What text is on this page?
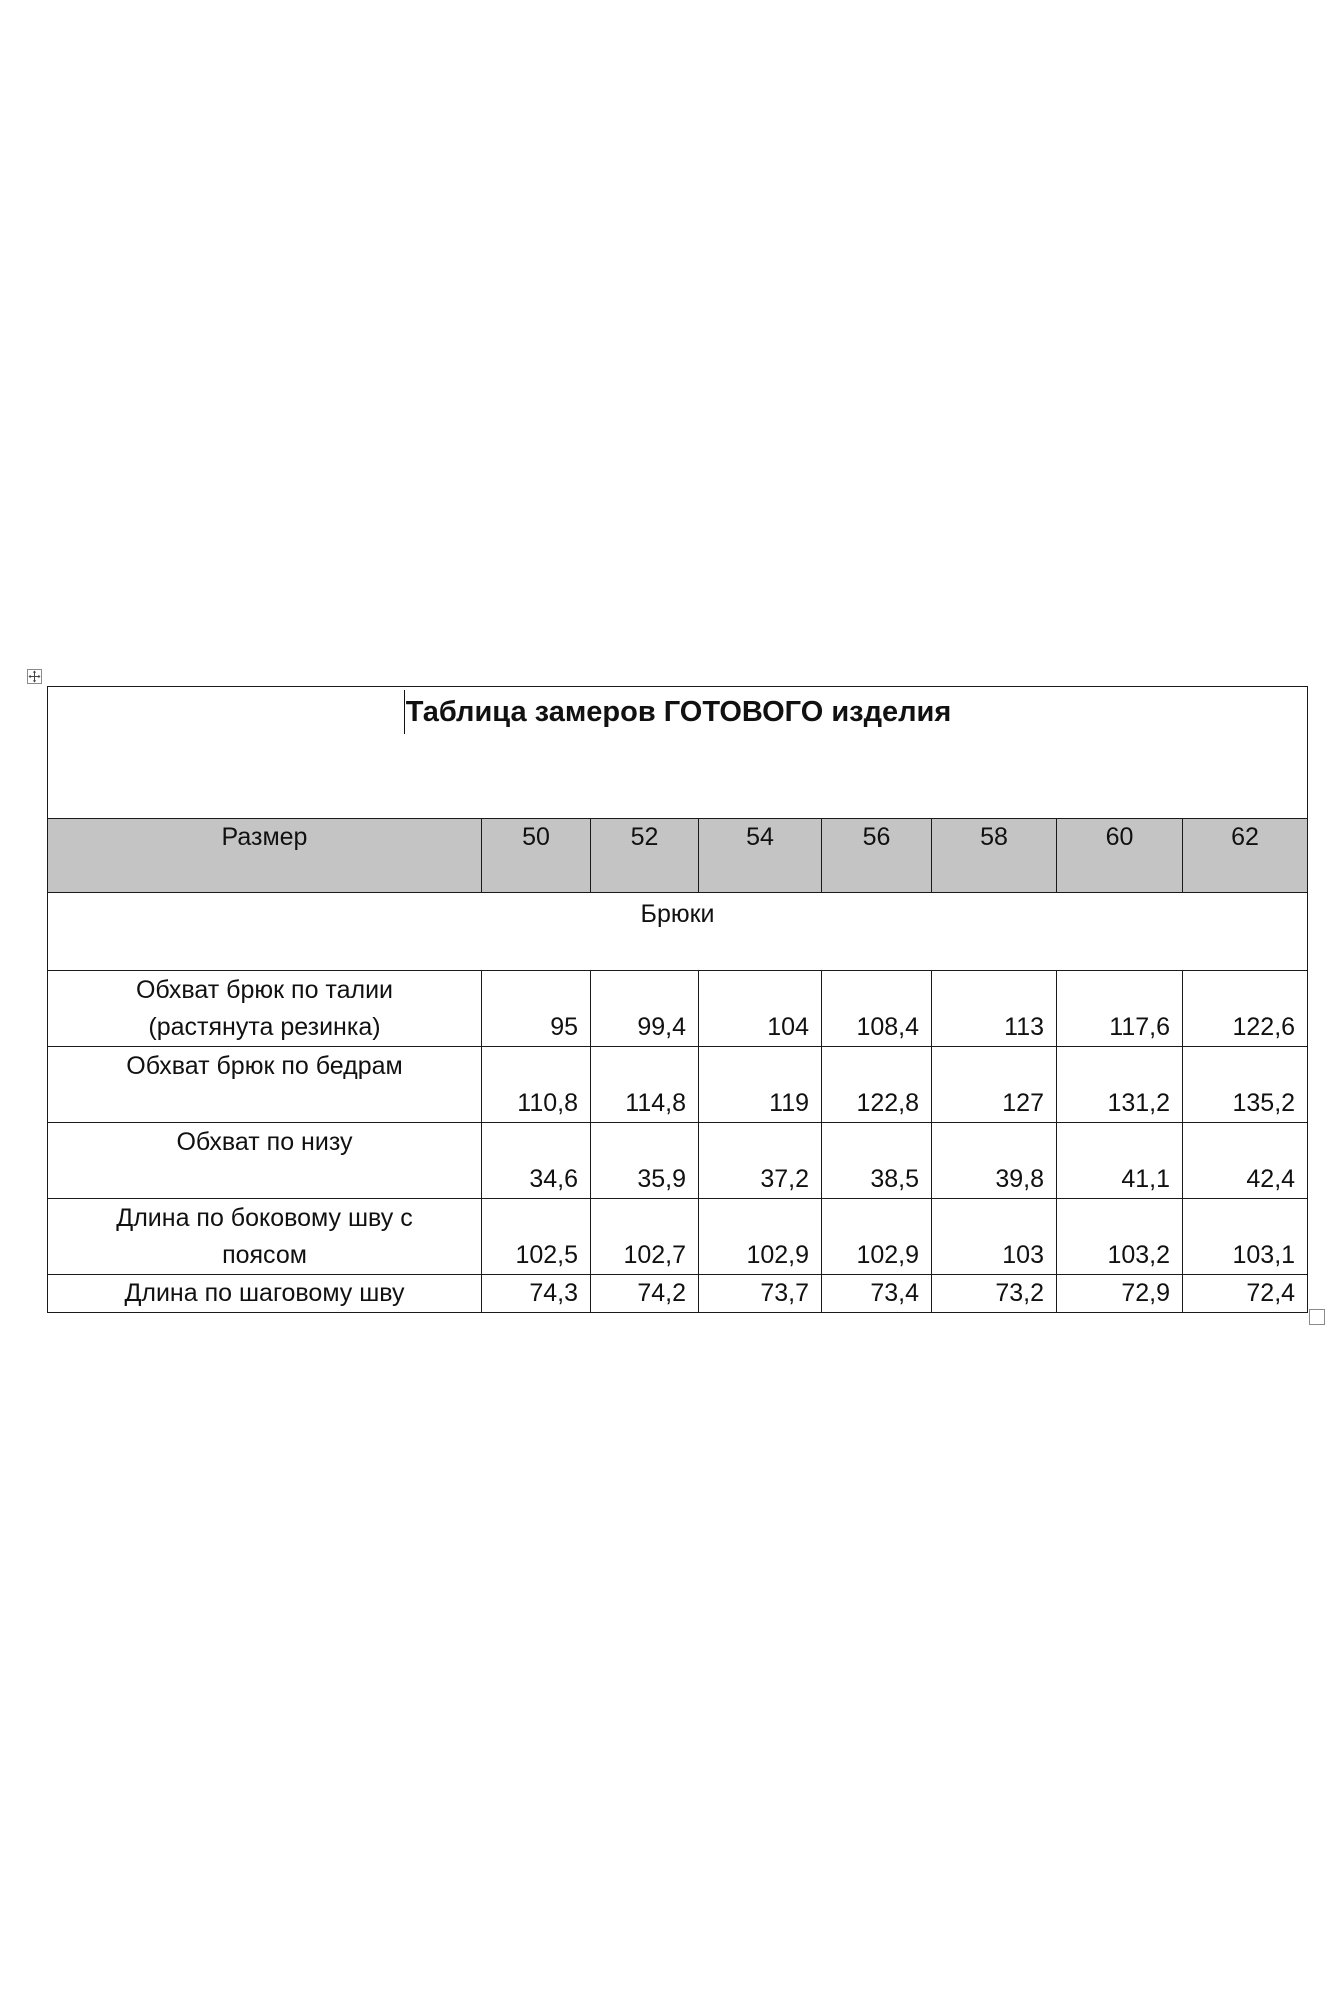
Таблица замеров ГОТОВОГО изделия							
Размер	50	52	54	56	58	60	62
Брюки							

Обхват брюк по талии
(растянута резинка)	95	99,4	104	108,4	113	117,6	122,6

Обхват брюк по бедрам	110,8	114,8	119	122,8	127	131,2	135,2

Обхват по низу	34,6	35,9	37,2	38,5	39,8	41,1	42,4

Длина по боковому шву с
поясом	102,5	102,7	102,9	102,9	103	103,2	103,1

Длина по шаговому шву	74,3	74,2	73,7	73,4	73,2	72,9	72,4
